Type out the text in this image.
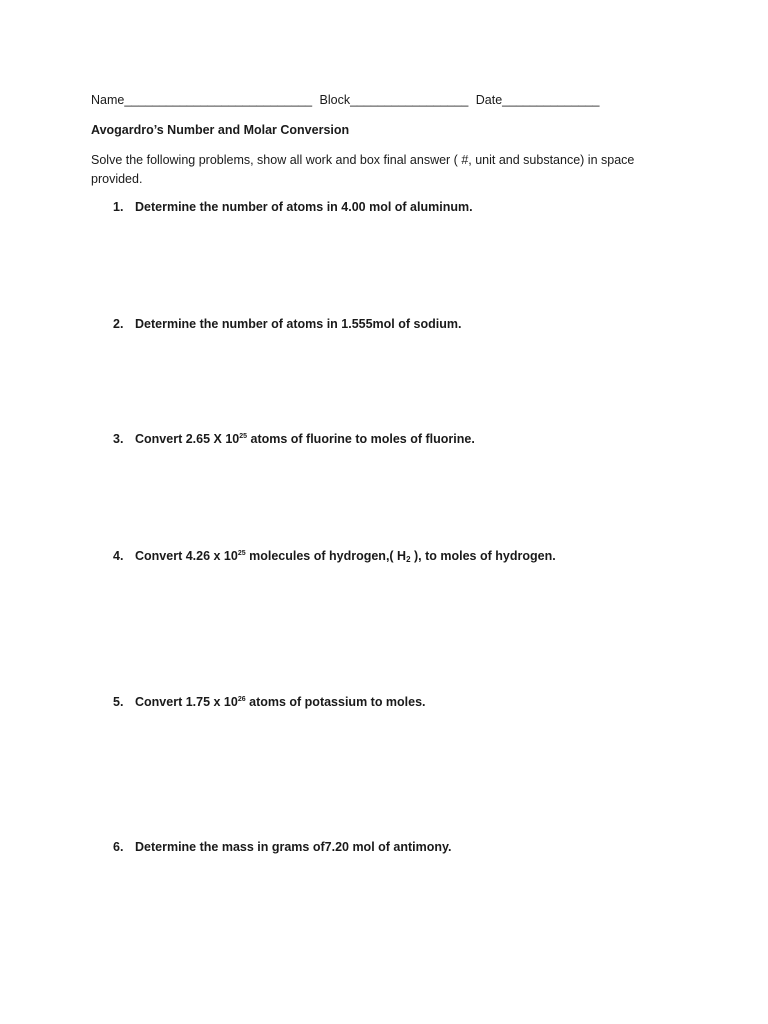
Name___________________________ Block_________________ Date______________
Avogardro’s Number and Molar Conversion
Solve the following problems, show all work and box final answer ( #, unit and substance) in space provided.
1. Determine the number of atoms in 4.00 mol of aluminum.
2. Determine the number of atoms in 1.555mol of sodium.
3. Convert 2.65 X $10^{25}$ atoms of fluorine to moles of fluorine.
4. Convert 4.26 x $10^{25}$ molecules of hydrogen,( $H_2$ ), to moles of hydrogen.
5. Convert 1.75 x $10^{26}$ atoms of potassium to moles.
6. Determine the mass in grams of7.20 mol of antimony.
